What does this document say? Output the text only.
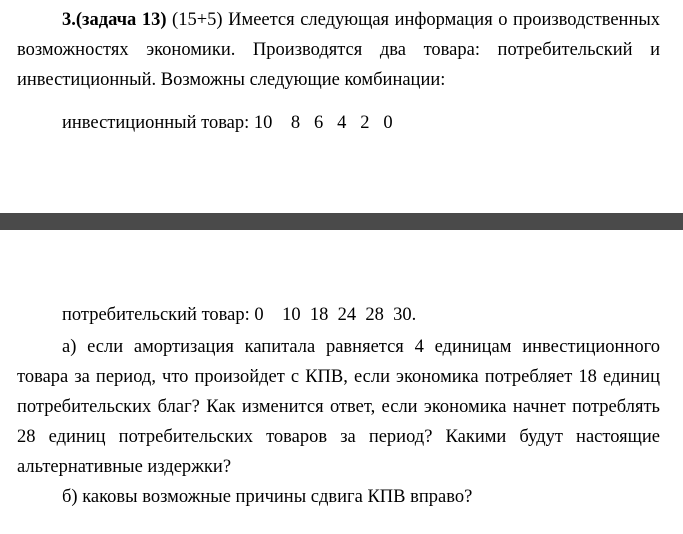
3.(задача 13) (15+5) Имеется следующая информация о производственных
возможностях экономики. Производятся два товара: потребительский и
инвестиционный. Возможны следующие комбинации:
инвестиционный товар: 10    8   6   4   2   0
потребительский товар: 0    10  18  24  28  30.
а) если амортизация капитала равняется 4 единицам инвестиционного
товара за период, что произойдет с КПВ, если экономика потребляет 18 единиц
потребительских благ? Как изменится ответ, если экономика начнет потреблять
28 единиц потребительских товаров за период? Какими будут настоящие
альтернативные издержки?
б) каковы возможные причины сдвига КПВ вправо?
